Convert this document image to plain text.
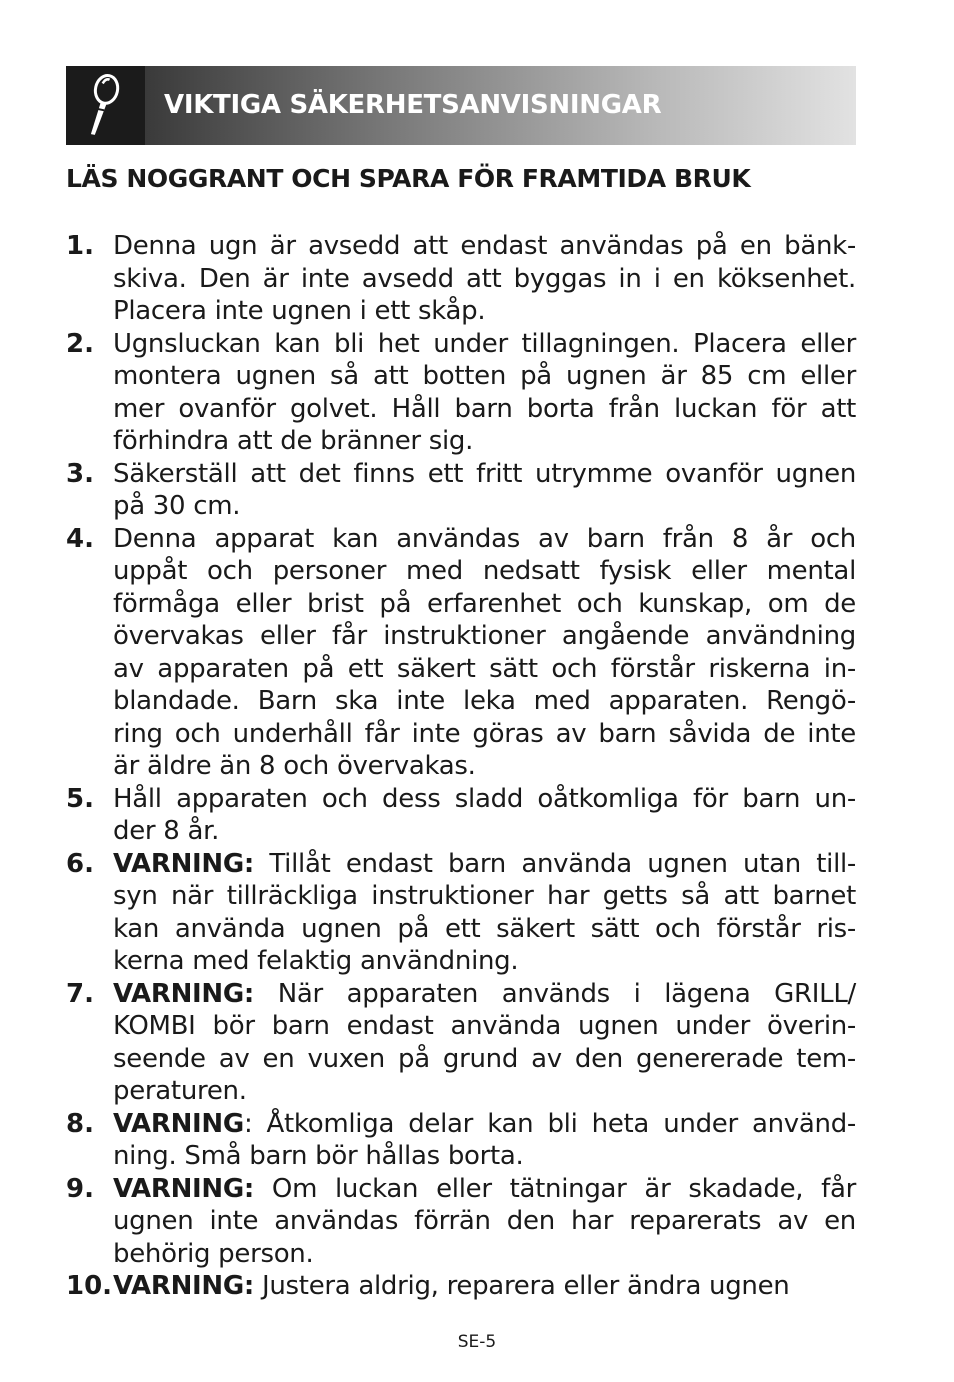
VIKTIGA SÄKERHETSANVISNINGAR
LÄS NOGGRANT OCH SPARA FÖR FRAMTIDA BRUK
1. Denna ugn är avsedd att endast användas på en bänk-
skiva. Den är inte avsedd att byggas in i en köksenhet.
Placera inte ugnen i ett skåp.
2. Ugnsluckan kan bli het under tillagningen. Placera eller
montera ugnen så att botten på ugnen är 85 cm eller
mer ovanför golvet. Håll barn borta från luckan för att
förhindra att de bränner sig.
3. Säkerställ att det finns ett fritt utrymme ovanför ugnen
på 30 cm.
4. Denna apparat kan användas av barn från 8 år och
uppåt och personer med nedsatt fysisk eller mental
förmåga eller brist på erfarenhet och kunskap, om de
övervakas eller får instruktioner angående användning
av apparaten på ett säkert sätt och förstår riskerna in-
blandade. Barn ska inte leka med apparaten. Rengö-
ring och underhåll får inte göras av barn såvida de inte
är äldre än 8 och övervakas.
5. Håll apparaten och dess sladd oåtkomliga för barn un-
der 8 år.
6. VARNING: Tillåt endast barn använda ugnen utan till-
syn när tillräckliga instruktioner har getts så att barnet
kan använda ugnen på ett säkert sätt och förstår ris-
kerna med felaktig användning.
7. VARNING: När apparaten används i lägena GRILL/
KOMBI bör barn endast använda ugnen under överin-
seende av en vuxen på grund av den genererade tem-
peraturen.
8. VARNING: Åtkomliga delar kan bli heta under använd-
ning. Små barn bör hållas borta.
9. VARNING: Om luckan eller tätningar är skadade, får
ugnen inte användas förrän den har reparerats av en
behörig person.
10. VARNING: Justera aldrig, reparera eller ändra ugnen
SE-5
